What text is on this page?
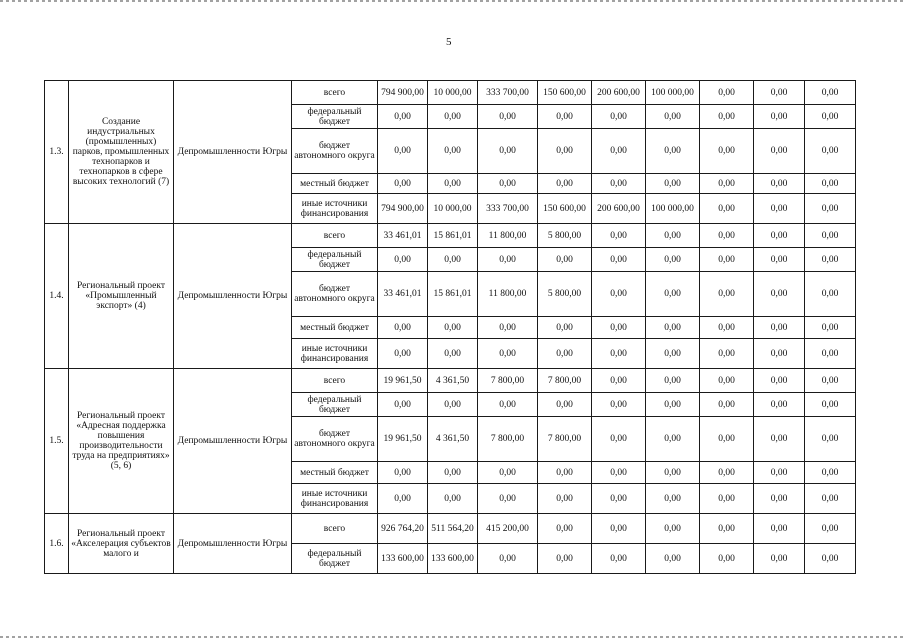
5
1.3.	Создание индустриальных (промышленных) парков, промышленных технопарков и технопарков в сфере высоких технологий (7)	Депромышленности Югры	всего	794 900,00	10 000,00	333 700,00	150 600,00	200 600,00	100 000,00	0,00	0,00	0,00
			федеральный бюджет	0,00	0,00	0,00	0,00	0,00	0,00	0,00	0,00	0,00
			бюджет автономного округа	0,00	0,00	0,00	0,00	0,00	0,00	0,00	0,00	0,00
			местный бюджет	0,00	0,00	0,00	0,00	0,00	0,00	0,00	0,00	0,00
			иные источники финансирования	794 900,00	10 000,00	333 700,00	150 600,00	200 600,00	100 000,00	0,00	0,00	0,00
1.4.	Региональный проект «Промышленный экспорт» (4)	Депромышленности Югры	всего	33 461,01	15 861,01	11 800,00	5 800,00	0,00	0,00	0,00	0,00	0,00
			федеральный бюджет	0,00	0,00	0,00	0,00	0,00	0,00	0,00	0,00	0,00
			бюджет автономного округа	33 461,01	15 861,01	11 800,00	5 800,00	0,00	0,00	0,00	0,00	0,00
			местный бюджет	0,00	0,00	0,00	0,00	0,00	0,00	0,00	0,00	0,00
			иные источники финансирования	0,00	0,00	0,00	0,00	0,00	0,00	0,00	0,00	0,00
1.5.	Региональный проект «Адресная поддержка повышения производительности труда на предприятиях» (5, 6)	Депромышленности Югры	всего	19 961,50	4 361,50	7 800,00	7 800,00	0,00	0,00	0,00	0,00	0,00
			федеральный бюджет	0,00	0,00	0,00	0,00	0,00	0,00	0,00	0,00	0,00
			бюджет автономного округа	19 961,50	4 361,50	7 800,00	7 800,00	0,00	0,00	0,00	0,00	0,00
			местный бюджет	0,00	0,00	0,00	0,00	0,00	0,00	0,00	0,00	0,00
			иные источники финансирования	0,00	0,00	0,00	0,00	0,00	0,00	0,00	0,00	0,00
1.6.	Региональный проект «Акселерация субъектов малого и	Депромышленности Югры	всего	926 764,20	511 564,20	415 200,00	0,00	0,00	0,00	0,00	0,00	0,00
			федеральный бюджет	133 600,00	133 600,00	0,00	0,00	0,00	0,00	0,00	0,00	0,00
